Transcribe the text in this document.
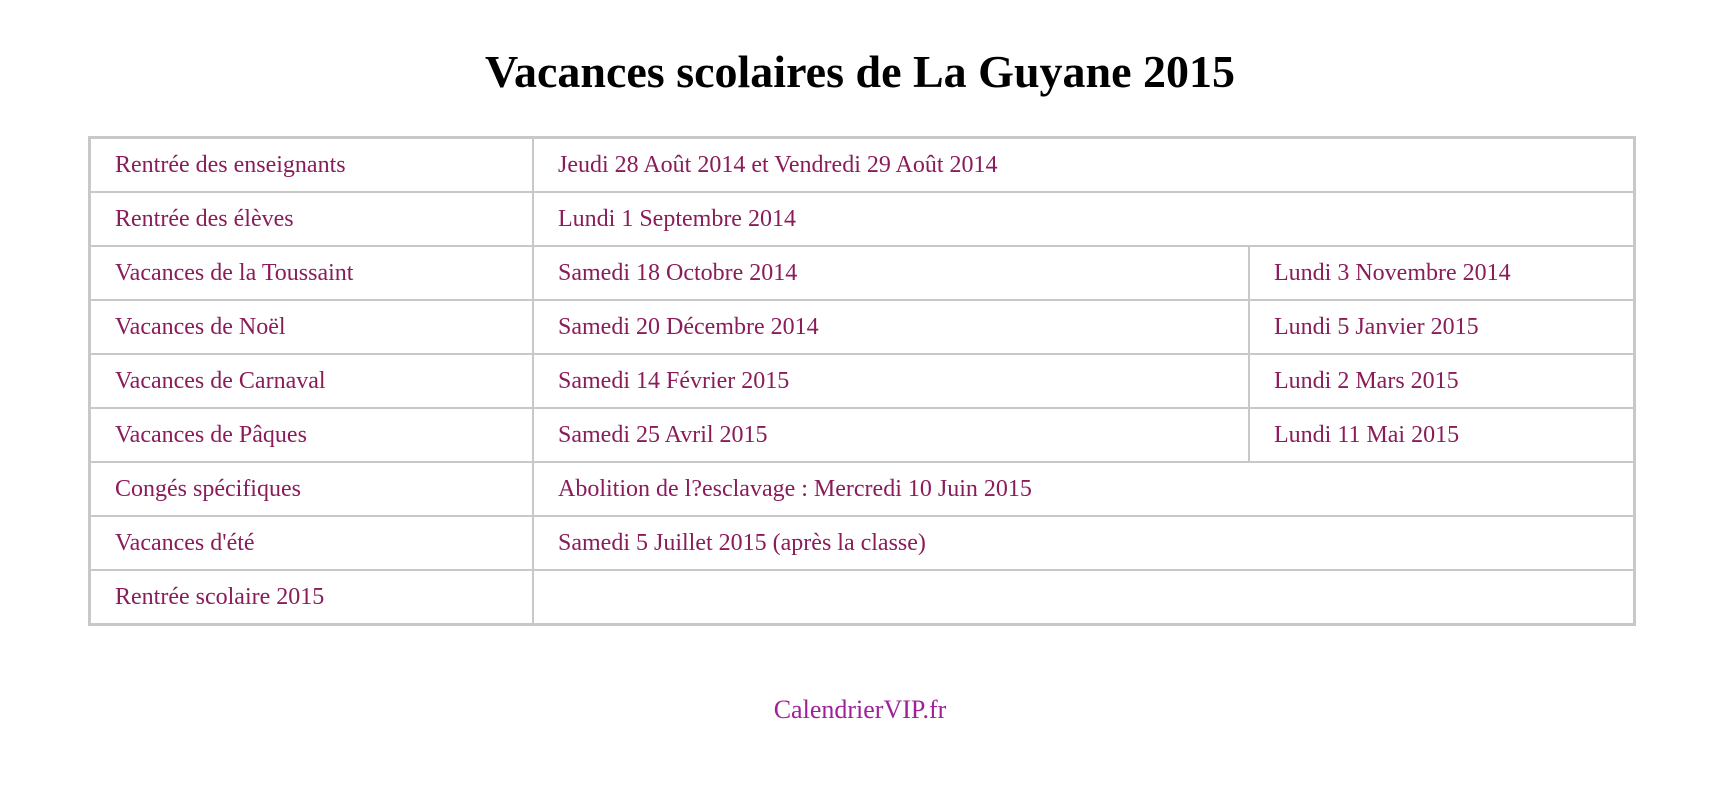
Vacances scolaires de La Guyane 2015
Rentrée des enseignants	Jeudi 28 Août 2014 et Vendredi 29 Août 2014	
Rentrée des élèves	Lundi 1 Septembre 2014	
Vacances de la Toussaint	Samedi 18 Octobre 2014	Lundi 3 Novembre 2014
Vacances de Noël	Samedi 20 Décembre 2014	Lundi 5 Janvier 2015
Vacances de Carnaval	Samedi 14 Février 2015	Lundi 2 Mars 2015
Vacances de Pâques	Samedi 25 Avril 2015	Lundi 11 Mai 2015
Congés spécifiques	Abolition de l?esclavage : Mercredi 10 Juin 2015	
Vacances d'été	Samedi 5 Juillet 2015 (après la classe)	
Rentrée scolaire 2015		
CalendrierVIP.fr
